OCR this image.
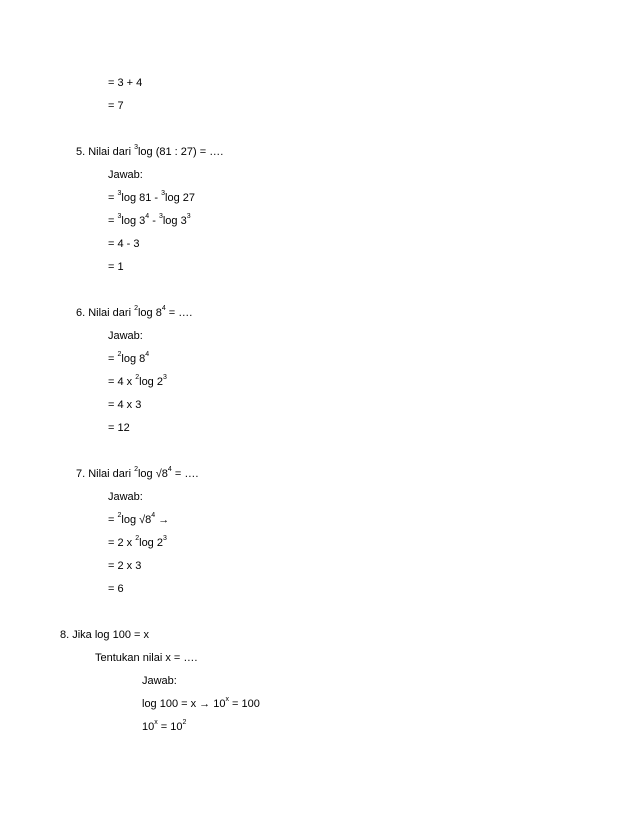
= 3 + 4
= 7
5. Nilai dari $^3$log (81 : 27) = ….
Jawab:
= $^3$log 81 - $^3$log 27
= $^3$log $3^4 - ^3\log$ $3^3$
= 4 - 3
= 1
6. Nilai dari $^2$log $8^4$ = ….
Jawab:
= $^2$log $8^4$
= 4 x $^2$log $2^3$
= 4 x 3
= 12
7. Nilai dari $^2$log $√8^4$ = ….
Jawab:
= $^2$log $√8^4$ →
= 2 x $^2$log $2^3$
= 2 x 3
= 6
8. Jika log 100 = x
Tentukan nilai x = ….
Jawab:
$\log 100 = x \to 10^x = 100$
$10^x = 10^2$
